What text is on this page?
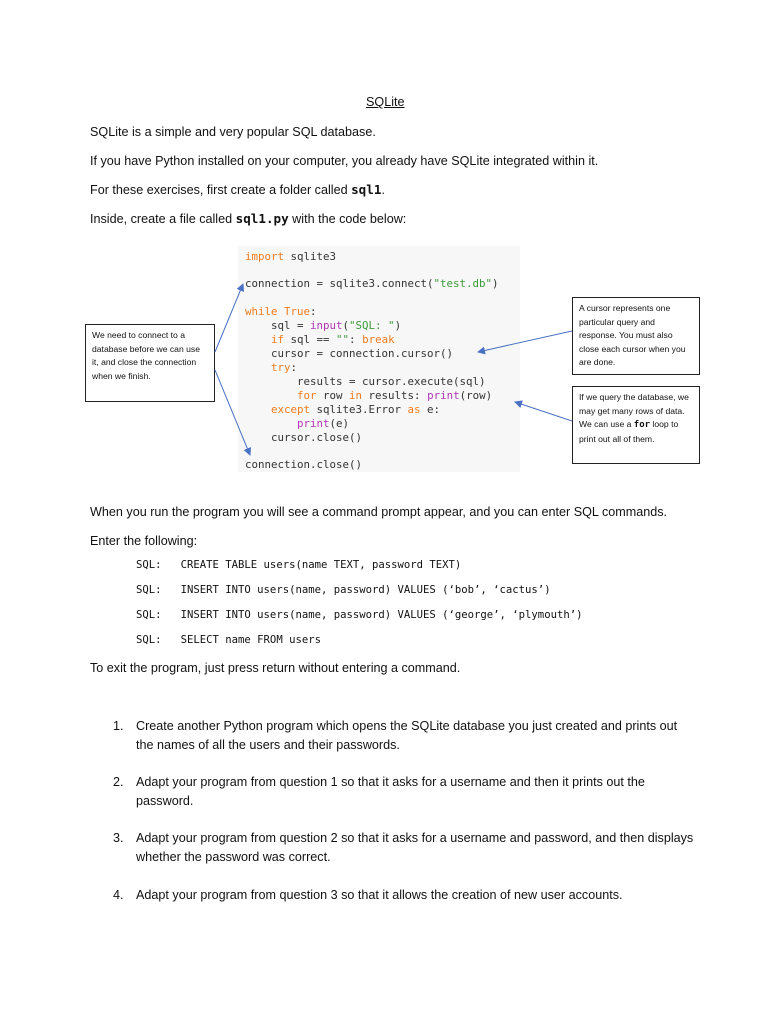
SQLite
SQLite is a simple and very popular SQL database.
If you have Python installed on your computer, you already have SQLite integrated within it.
For these exercises, first create a folder called sql1.
Inside, create a file called sql1.py with the code below:
import sqlite3
connection = sqlite3.connect("test.db")
while True:
sql = input("SQL: ")
if sql == "": break
cursor = connection.cursor()
try:
results = cursor.execute(sql)
for row in results: print(row)
except sqlite3.Error as e:
print(e)
cursor.close()
connection.close()
We need to connect to a database before we can use it, and close the connection when we finish.
A cursor represents one particular query and response. You must also close each cursor when you are done.
If we query the database, we may get many rows of data. We can use a for loop to print out all of them.
When you run the program you will see a command prompt appear, and you can enter SQL commands.
Enter the following:
SQL:   CREATE TABLE users(name TEXT, password TEXT)
SQL:   INSERT INTO users(name, password) VALUES (‘bob’, ‘cactus’)
SQL:   INSERT INTO users(name, password) VALUES (‘george’, ‘plymouth’)
SQL:   SELECT name FROM users
To exit the program, just press return without entering a command.
1. Create another Python program which opens the SQLite database you just created and prints out the names of all the users and their passwords.
2. Adapt your program from question 1 so that it asks for a username and then it prints out the password.
3. Adapt your program from question 2 so that it asks for a username and password, and then displays whether the password was correct.
4. Adapt your program from question 3 so that it allows the creation of new user accounts.
